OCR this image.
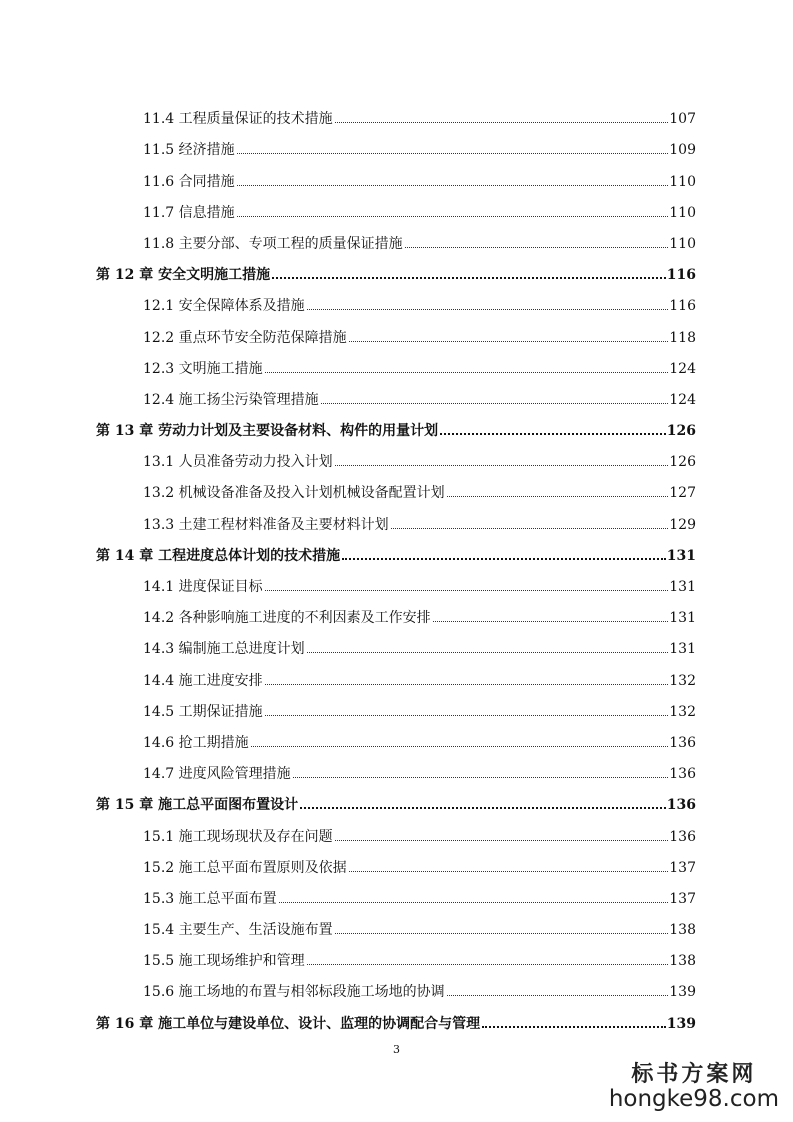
11.4 工程质量保证的技术措施	107
11.5 经济措施	109
11.6 合同措施	110
11.7 信息措施	110
11.8 主要分部、专项工程的质量保证措施	110
第 12 章 安全文明施工措施	116
12.1 安全保障体系及措施	116
12.2 重点环节安全防范保障措施	118
12.3 文明施工措施	124
12.4 施工扬尘污染管理措施	124
第 13 章 劳动力计划及主要设备材料、构件的用量计划	126
13.1 人员准备劳动力投入计划	126
13.2 机械设备准备及投入计划机械设备配置计划	127
13.3 土建工程材料准备及主要材料计划	129
第 14 章 工程进度总体计划的技术措施	131
14.1 进度保证目标	131
14.2 各种影响施工进度的不利因素及工作安排	131
14.3 编制施工总进度计划	131
14.4 施工进度安排	132
14.5 工期保证措施	132
14.6 抢工期措施	136
14.7 进度风险管理措施	136
第 15 章 施工总平面图布置设计	136
15.1 施工现场现状及存在问题	136
15.2 施工总平面布置原则及依据	137
15.3 施工总平面布置	137
15.4 主要生产、生活设施布置	138
15.5 施工现场维护和管理	138
15.6 施工场地的布置与相邻标段施工场地的协调	139
第 16 章 施工单位与建设单位、设计、监理的协调配合与管理	139
3
标书方案网
hongke98.com
